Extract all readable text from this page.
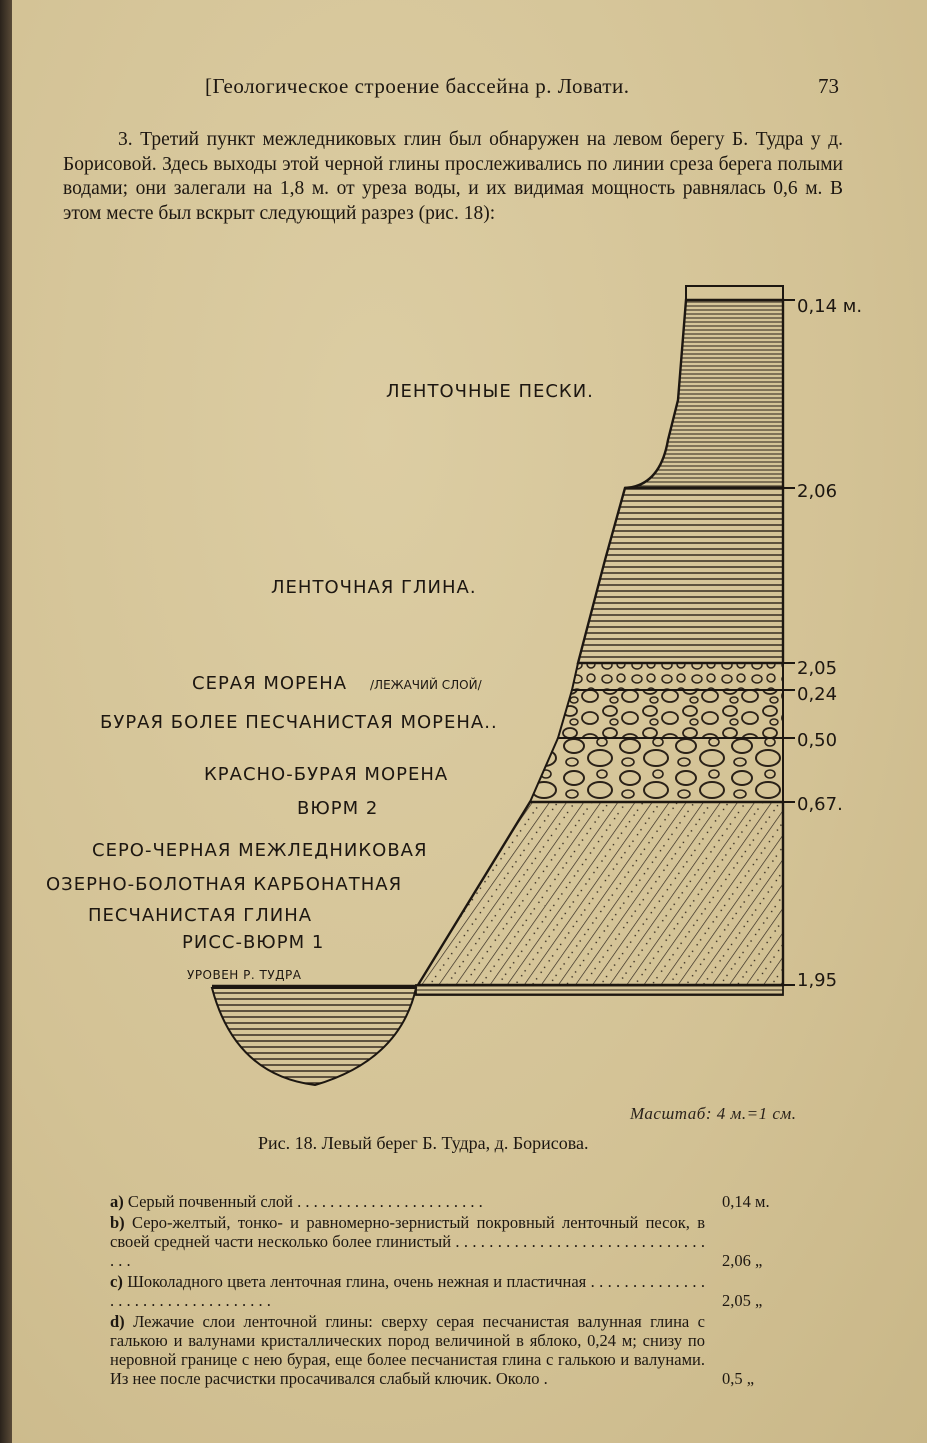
[Геологическое строение бассейна р. Ловати.	73
3. Третий пункт межледниковых глин был обнаружен на левом берегу Б. Тудра у д. Борисовой. Здесь выходы этой черной глины прослеживались по линии среза берега полыми водами; они залегали на 1,8 м. от уреза воды, и их видимая мощность равнялась 0,6 м. В этом месте был вскрыт следующий разрез (рис. 18):
0,14 м.
2,06
2,05
0,24
0,50
0,67.
1,95
ЛЕНТОЧНЫЕ ПЕСКИ.
ЛЕНТОЧНАЯ ГЛИНА.
СЕРАЯ МОРЕНА /ЛЕЖАЧИЙ СЛОЙ/
БУРАЯ БОЛЕЕ ПЕСЧАНИСТАЯ МОРЕНА..
КРАСНО-БУРАЯ МОРЕНА
ВЮРМ 2
СЕРО-ЧЕРНАЯ МЕЖЛЕДНИКОВАЯ
ОЗЕРНО-БОЛОТНАЯ КАРБОНАТНАЯ
ПЕСЧАНИСТАЯ ГЛИНА
РИСС-ВЮРМ 1
УРОВЕН Р. ТУДРА
Масштаб: 4 м.=1 см.
Рис. 18. Левый берег Б. Тудра, д. Борисова.
a) Серый почвенный слой . . . . . . . . . . . . . . . . . . . . . . .	0,14 м.
b) Серо-желтый, тонко- и равномерно-зернистый покровный ленточный песок, в своей средней части несколько более глинистый . . . . . . . . . . . . . . . . . . . . . . . . . . . . . . . . .	2,06 „
c) Шоколадного цвета ленточная глина, очень нежная и пластичная . . . . . . . . . . . . . . . . . . . . . . . . . . . . . . . . . .	2,05 „
d) Лежачие слои ленточной глины: сверху серая песчанистая валунная глина с галькою и валунами кристаллических пород величиной в яблоко, 0,24 м; снизу по неровной границе с нею бурая, еще более песчанистая глина с галькою и валунами. Из нее после расчистки просачивался слабый ключик. Около .	0,5 „
